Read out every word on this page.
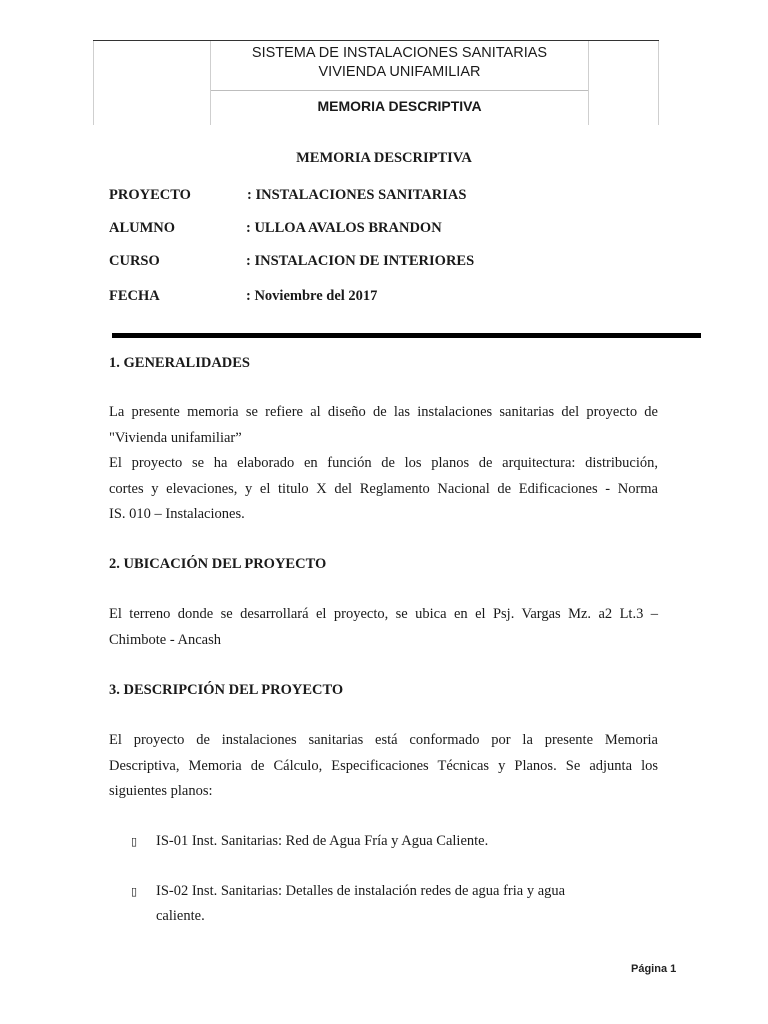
SISTEMA DE INSTALACIONES SANITARIAS
VIVIENDA UNIFAMILIAR
MEMORIA DESCRIPTIVA
MEMORIA DESCRIPTIVA
PROYECTO	: INSTALACIONES SANITARIAS
ALUMNO	: ULLOA AVALOS BRANDON
CURSO	: INSTALACION DE INTERIORES
FECHA	: Noviembre del 2017
1. GENERALIDADES
La presente memoria se refiere al diseño de las instalaciones sanitarias del proyecto de
"Vivienda unifamiliar”
El proyecto se ha elaborado en función de los planos de arquitectura: distribución,
cortes y elevaciones, y el titulo X del Reglamento Nacional de Edificaciones - Norma
IS. 010 – Instalaciones.
2. UBICACIÓN DEL PROYECTO
El terreno donde se desarrollará el proyecto, se ubica en el Psj. Vargas Mz. a2 Lt.3 –
Chimbote - Ancash
3. DESCRIPCIÓN DEL PROYECTO
El proyecto de instalaciones sanitarias está conformado por la presente Memoria
Descriptiva, Memoria de Cálculo, Especificaciones Técnicas y Planos. Se adjunta los
siguientes planos:
▯ IS-01 Inst. Sanitarias: Red de Agua Fría y Agua Caliente.
▯ IS-02 Inst. Sanitarias: Detalles de instalación redes de agua fria y agua
caliente.
Página 1
